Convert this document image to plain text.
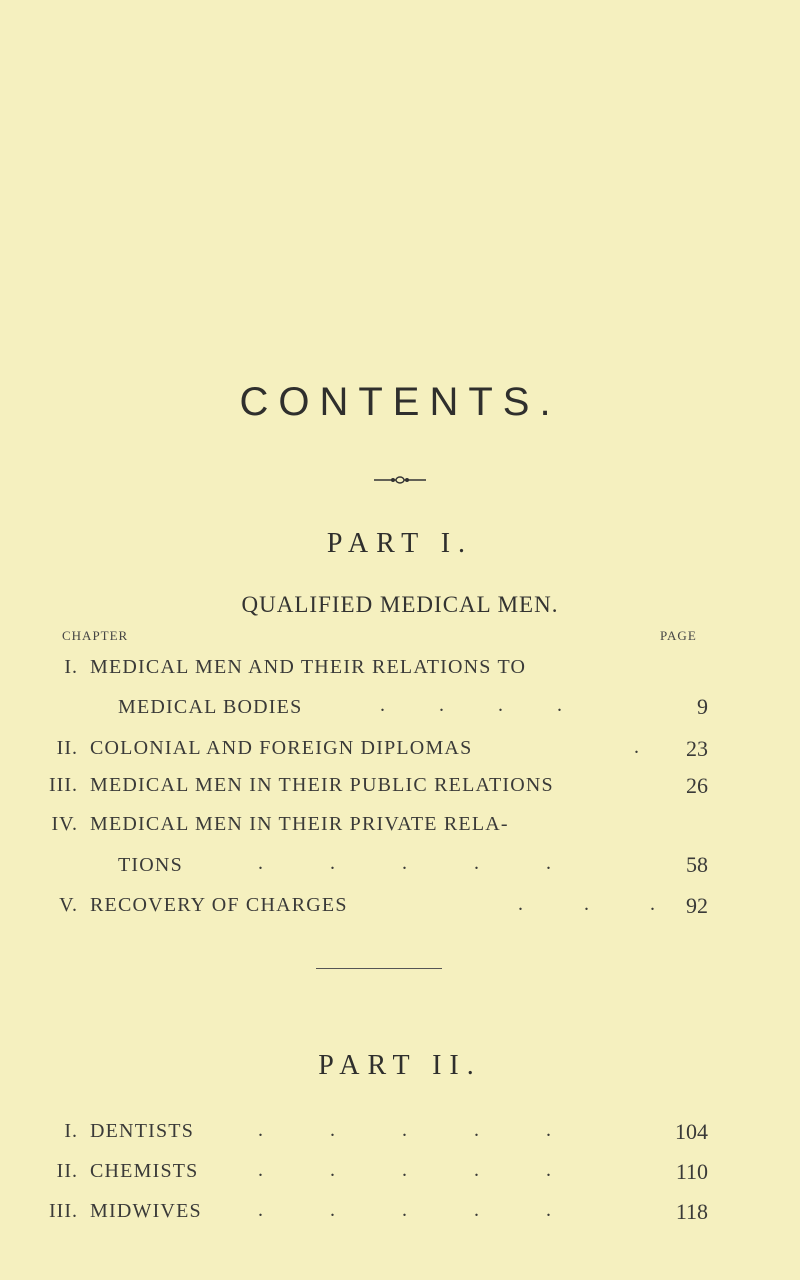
CONTENTS.
PART I.
QUALIFIED MEDICAL MEN.
CHAPTER	PAGE
I. MEDICAL MEN AND THEIR RELATIONS TO
MEDICAL BODIES	. . . .	9
II. COLONIAL AND FOREIGN DIPLOMAS	.	23
III. MEDICAL MEN IN THEIR PUBLIC RELATIONS	26
IV. MEDICAL MEN IN THEIR PRIVATE RELA-
TIONS	. . . . .	58
V. RECOVERY OF CHARGES	. . .	92
PART II.
I. DENTISTS	. . . . .	104
II. CHEMISTS	. . . . .	110
III. MIDWIVES	. . . . .	118
